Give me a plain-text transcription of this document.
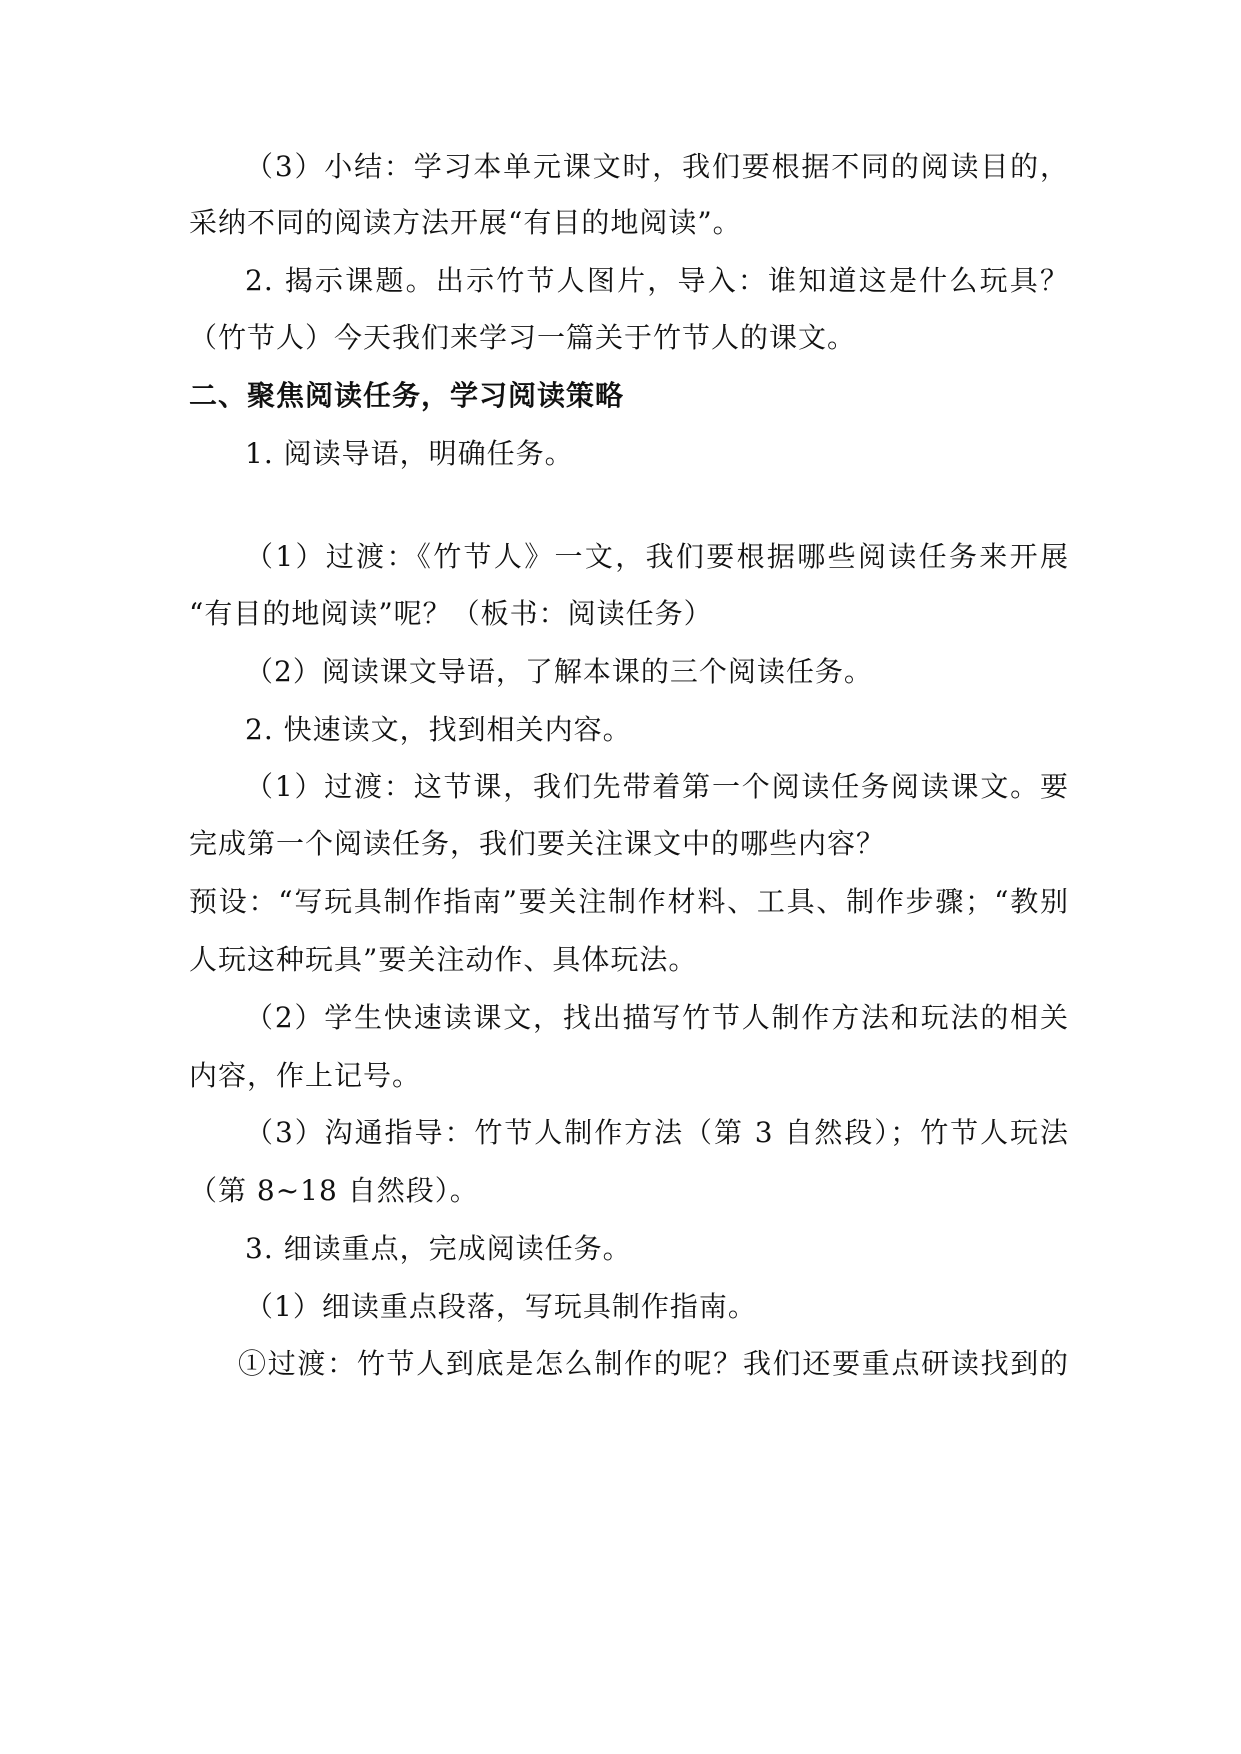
（3）小结：学习本单元课文时，我们要根据不同的阅读目的，

采纳不同的阅读方法开展“有目的地阅读”。

2. 揭示课题。出示竹节人图片，导入：谁知道这是什么玩具？

（竹节人）今天我们来学习一篇关于竹节人的课文。

二、聚焦阅读任务，学习阅读策略

1. 阅读导语，明确任务。

（1）过渡：《竹节人》一文，我们要根据哪些阅读任务来开展

“有目的地阅读”呢？（板书：阅读任务）

（2）阅读课文导语，了解本课的三个阅读任务。

2. 快速读文，找到相关内容。

（1）过渡：这节课，我们先带着第一个阅读任务阅读课文。要

完成第一个阅读任务，我们要关注课文中的哪些内容？

预设：“写玩具制作指南”要关注制作材料、工具、制作步骤；“教别

人玩这种玩具”要关注动作、具体玩法。

（2）学生快速读课文，找出描写竹节人制作方法和玩法的相关

内容，作上记号。

（3）沟通指导：竹节人制作方法（第 3 自然段）；竹节人玩法

（第 8~18 自然段）。

3. 细读重点，完成阅读任务。

（1）细读重点段落，写玩具制作指南。

①过渡：竹节人到底是怎么制作的呢？我们还要重点研读找到的
